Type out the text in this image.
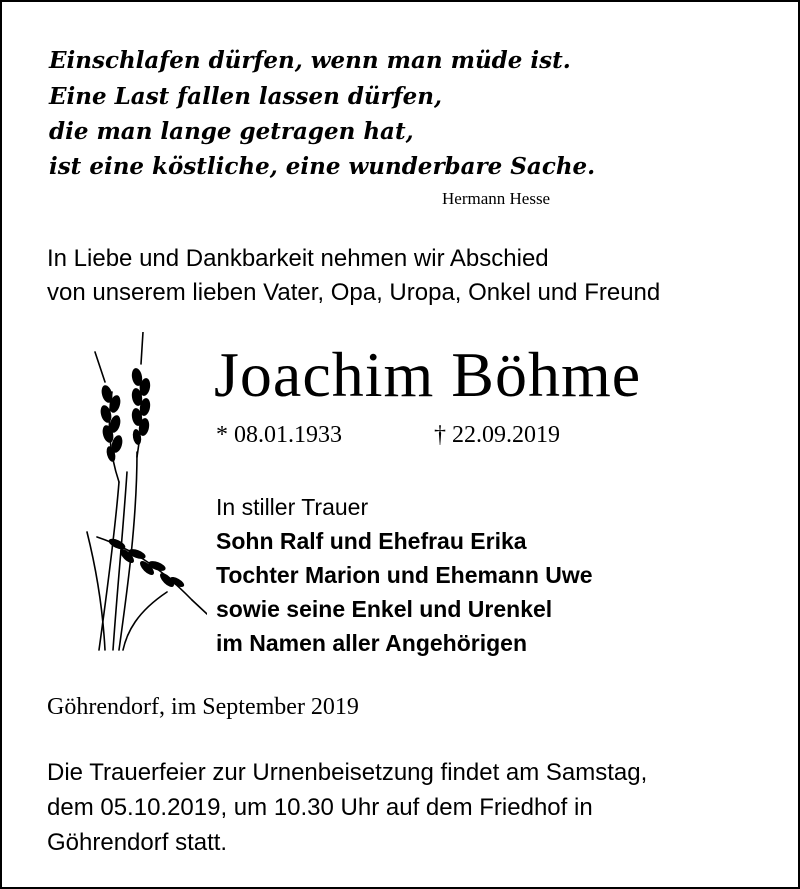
Einschlafen dürfen, wenn man müde ist.
Eine Last fallen lassen dürfen,
die man lange getragen hat,
ist eine köstliche, eine wunderbare Sache.
Hermann Hesse
In Liebe und Dankbarkeit nehmen wir Abschied
von unserem lieben Vater, Opa, Uropa, Onkel und Freund
Joachim Böhme
* 08.01.1933	† 22.09.2019
In stiller Trauer
Sohn Ralf und Ehefrau Erika
Tochter Marion und Ehemann Uwe
sowie seine Enkel und Urenkel
im Namen aller Angehörigen
Göhrendorf, im September 2019
Die Trauerfeier zur Urnenbeisetzung findet am Samstag,
dem 05.10.2019, um 10.30 Uhr auf dem Friedhof in
Göhrendorf statt.
